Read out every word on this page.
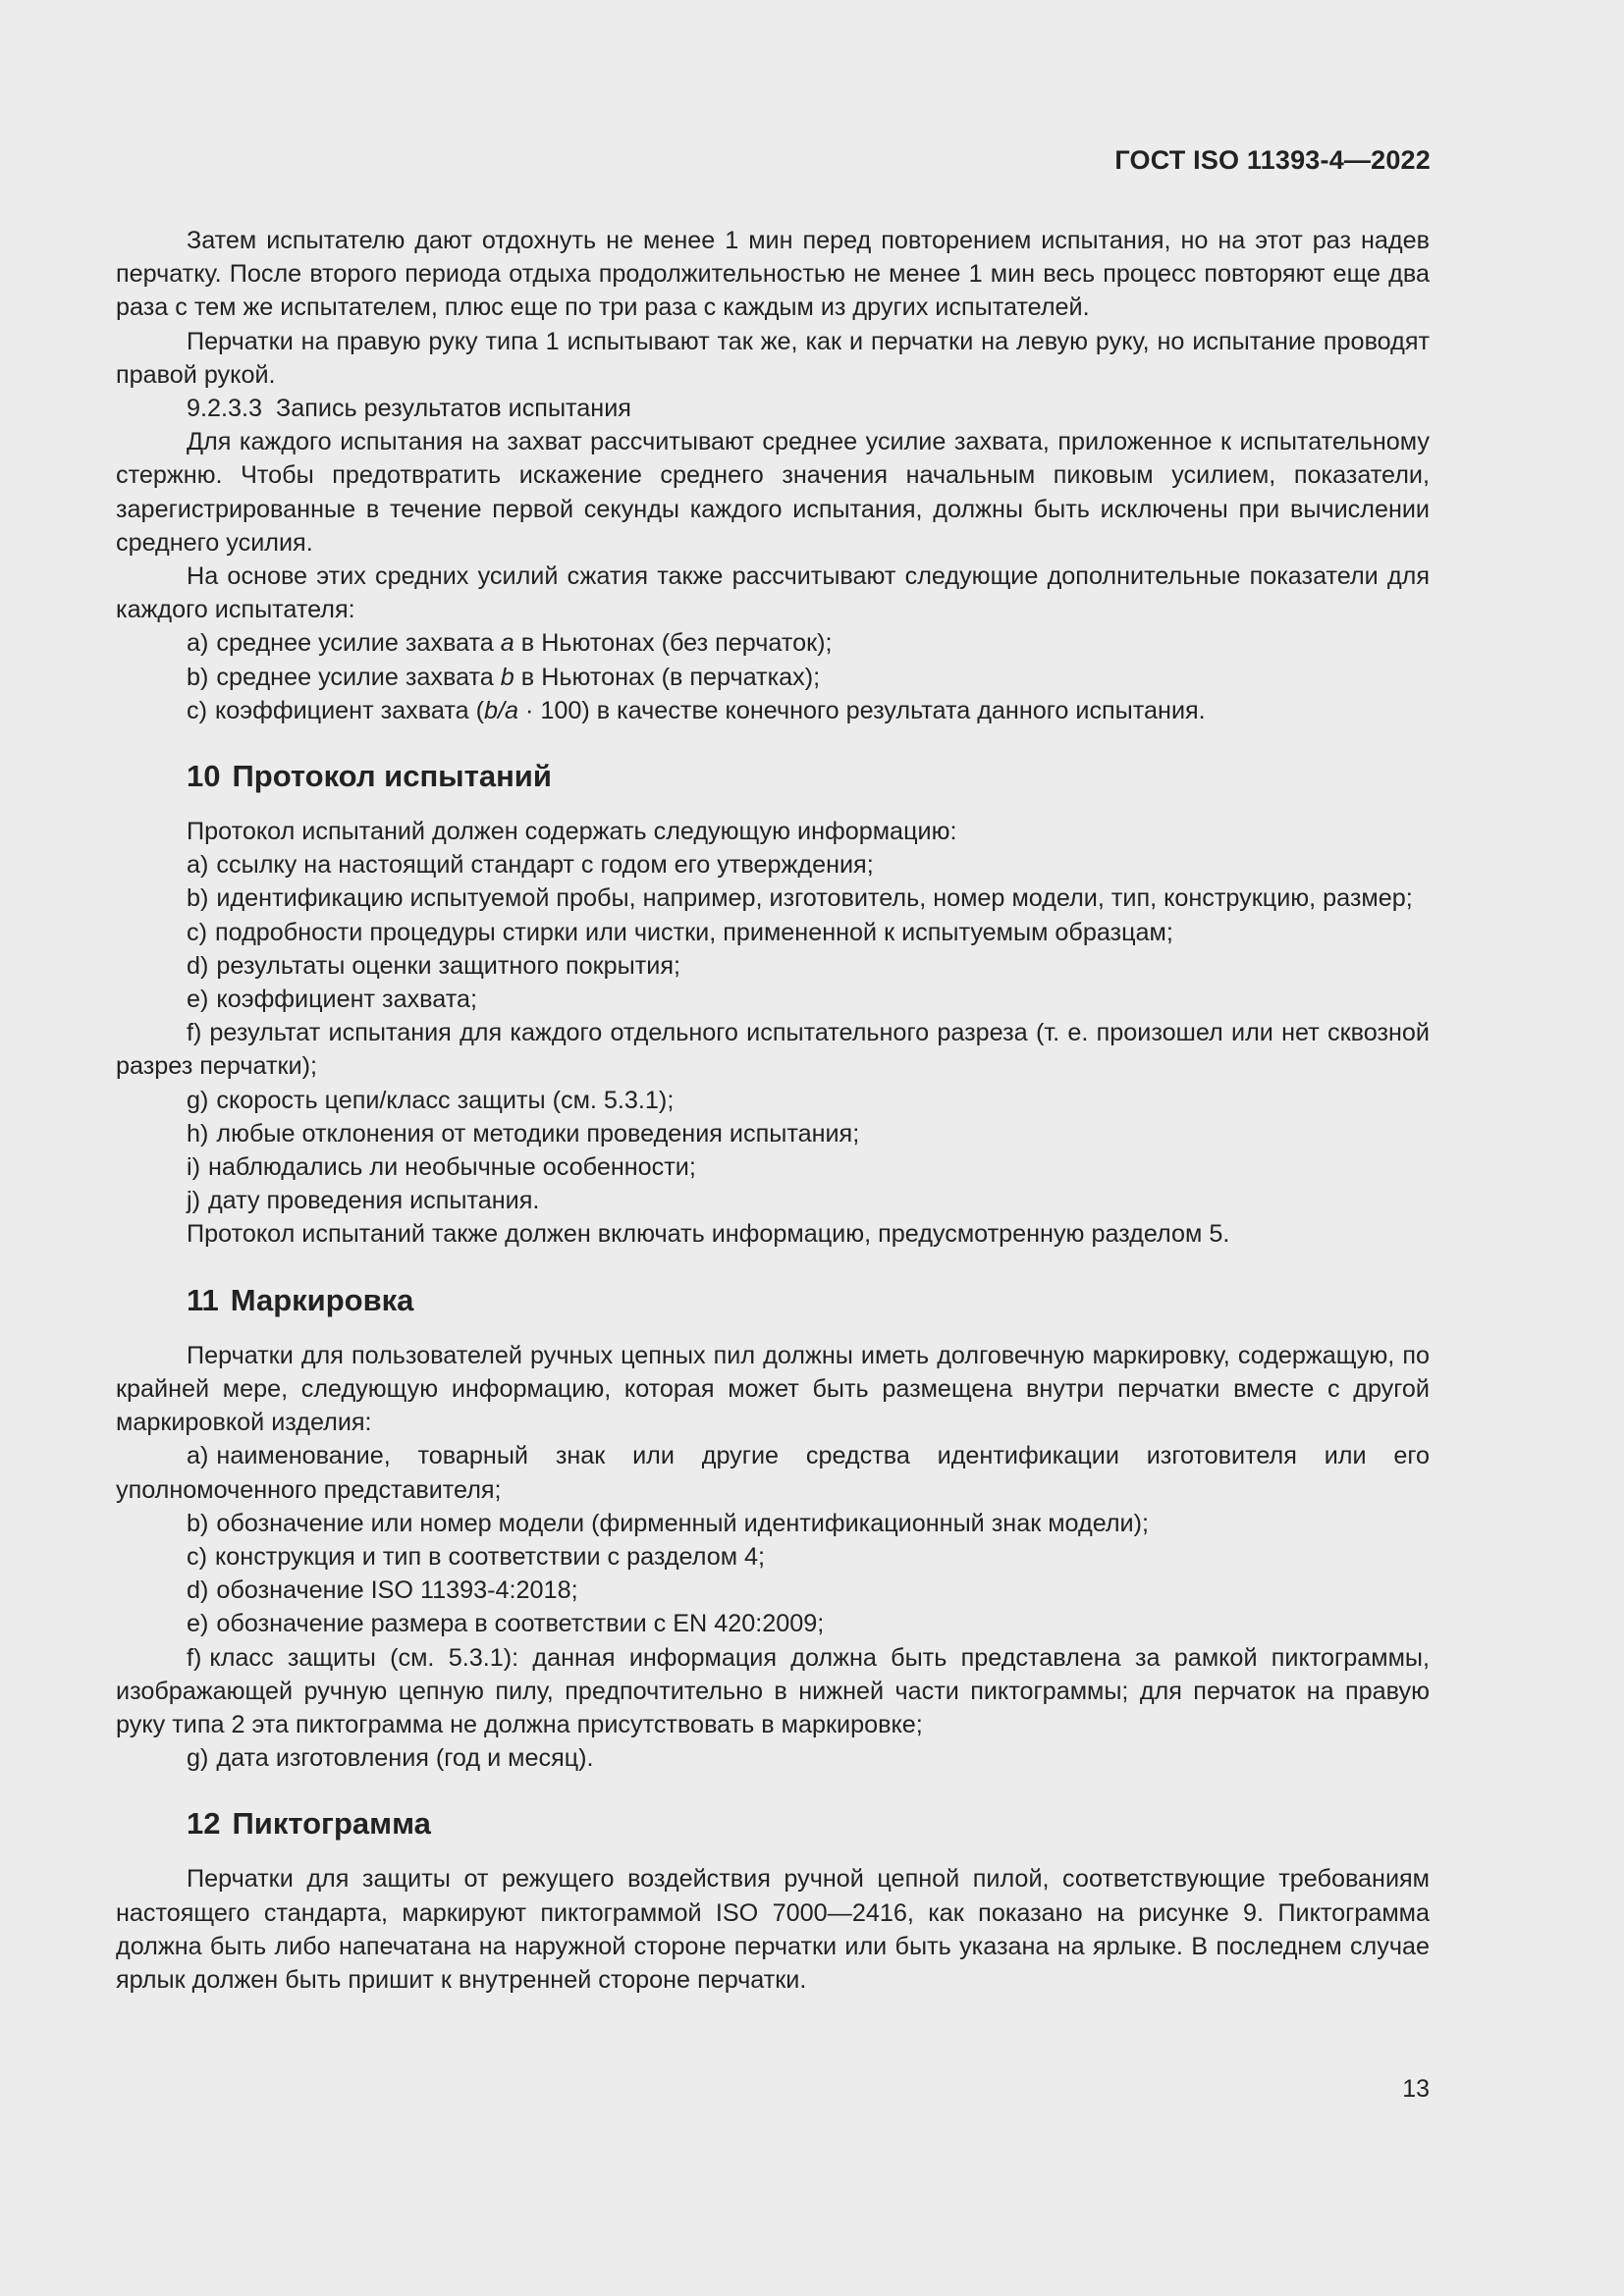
ГОСТ ISO 11393-4—2022

Затем испытателю дают отдохнуть не менее 1 мин перед повторением испытания, но на этот раз надев перчатку. После второго периода отдыха продолжительностью не менее 1 мин весь процесс повторяют еще два раза с тем же испытателем, плюс еще по три раза с каждым из других испытателей.

Перчатки на правую руку типа 1 испытывают так же, как и перчатки на левую руку, но испытание проводят правой рукой.

9.2.3.3 Запись результатов испытания

Для каждого испытания на захват рассчитывают среднее усилие захвата, приложенное к испытательному стержню. Чтобы предотвратить искажение среднего значения начальным пиковым усилием, показатели, зарегистрированные в течение первой секунды каждого испытания, должны быть исключены при вычислении среднего усилия.

На основе этих средних усилий сжатия также рассчитывают следующие дополнительные показатели для каждого испытателя:

a) среднее усилие захвата a в Ньютонах (без перчаток);
b) среднее усилие захвата b в Ньютонах (в перчатках);
c) коэффициент захвата (b/a · 100) в качестве конечного результата данного испытания.
10 Протокол испытаний

Протокол испытаний должен содержать следующую информацию:

a) ссылку на настоящий стандарт с годом его утверждения;
b) идентификацию испытуемой пробы, например, изготовитель, номер модели, тип, конструкцию, размер;
c) подробности процедуры стирки или чистки, примененной к испытуемым образцам;
d) результаты оценки защитного покрытия;
e) коэффициент захвата;
f) результат испытания для каждого отдельного испытательного разреза (т. е. произошел или нет сквозной разрез перчатки);
g) скорость цепи/класс защиты (см. 5.3.1);
h) любые отклонения от методики проведения испытания;
i) наблюдались ли необычные особенности;
j) дату проведения испытания.

Протокол испытаний также должен включать информацию, предусмотренную разделом 5.

11 Маркировка

Перчатки для пользователей ручных цепных пил должны иметь долговечную маркировку, содержащую, по крайней мере, следующую информацию, которая может быть размещена внутри перчатки вместе с другой маркировкой изделия:

a) наименование, товарный знак или другие средства идентификации изготовителя или его уполномоченного представителя;
b) обозначение или номер модели (фирменный идентификационный знак модели);
c) конструкция и тип в соответствии с разделом 4;
d) обозначение ISO 11393-4:2018;
e) обозначение размера в соответствии с EN 420:2009;
f) класс защиты (см. 5.3.1): данная информация должна быть представлена за рамкой пиктограммы, изображающей ручную цепную пилу, предпочтительно в нижней части пиктограммы; для перчаток на правую руку типа 2 эта пиктограмма не должна присутствовать в маркировке;
g) дата изготовления (год и месяц).
12 Пиктограмма

Перчатки для защиты от режущего воздействия ручной цепной пилой, соответствующие требованиям настоящего стандарта, маркируют пиктограммой ISO 7000—2416, как показано на рисунке 9. Пиктограмма должна быть либо напечатана на наружной стороне перчатки или быть указана на ярлыке. В последнем случае ярлык должен быть пришит к внутренней стороне перчатки.

13
